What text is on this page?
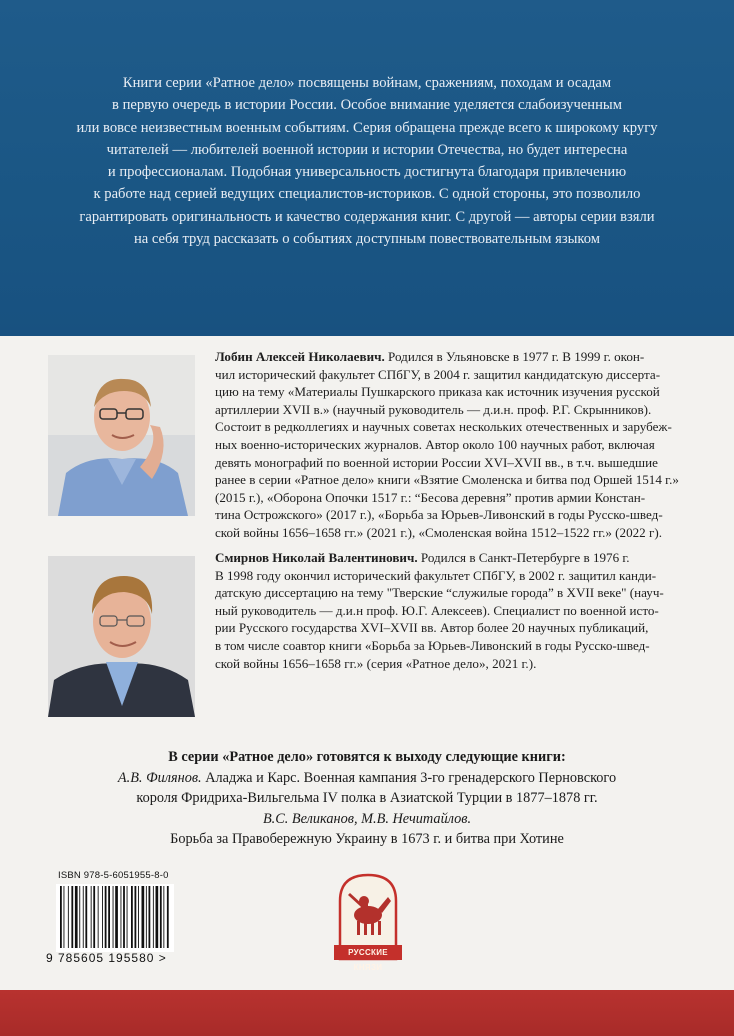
Книги серии «Ратное дело» посвящены войнам, сражениям, походам и осадам
в первую очередь в истории России. Особое внимание уделяется слабоизученным
или вовсе неизвестным военным событиям. Серия обращена прежде всего к широкому кругу
читателей — любителей военной истории и истории Отечества, но будет интересна
и профессионалам. Подобная универсальность достигнута благодаря привлечению
к работе над серией ведущих специалистов-историков. С одной стороны, это позволило
гарантировать оригинальность и качество содержания книг. С другой — авторы серии взяли
на себя труд рассказать о событиях доступным повествовательным языком

Лобин Алексей Николаевич. Родился в Ульяновске в 1977 г. В 1999 г. окон-
чил исторический факультет СПбГУ, в 2004 г. защитил кандидатскую диссерта-
цию на тему «Материалы Пушкарского приказа как источник изучения русской
артиллерии XVII в.» (научный руководитель — д.и.н. проф. Р.Г. Скрынников).
Состоит в редколлегиях и научных советах нескольких отечественных и зарубеж-
ных военно-исторических журналов. Автор около 100 научных работ, включая
девять монографий по военной истории России XVI–XVII вв., в т.ч. вышедшие
ранее в серии «Ратное дело» книги «Взятие Смоленска и битва под Оршей 1514 г.»
(2015 г.), «Оборона Опочки 1517 г.: “Бесова деревня” против армии Констан-
тина Острожского» (2017 г.), «Борьба за Юрьев-Ливонский в годы Русско-швед-
ской войны 1656–1658 гг.» (2021 г.), «Смоленская война 1512–1522 гг.» (2022 г).

Смирнов Николай Валентинович. Родился в Санкт-Петербурге в 1976 г.
В 1998 году окончил исторический факультет СПбГУ, в 2002 г. защитил канди-
датскую диссертацию на тему "Тверские “служилые города” в XVII веке" (науч-
ный руководитель — д.и.н проф. Ю.Г. Алексеев). Специалист по военной исто-
рии Русского государства XVI–XVII вв. Автор более 20 научных публикаций,
в том числе соавтор книги «Борьба за Юрьев-Ливонский в годы Русско-швед-
ской войны 1656–1658 гг.» (серия «Ратное дело», 2021 г.).

В серии «Ратное дело» готовятся к выходу следующие книги:
А.В. Филянов. Аладжа и Карс. Военная кампания 3-го гренадерского Перновского
короля Фридриха-Вильгельма IV полка в Азиатской Турции в 1877–1878 гг.
В.С. Великанов, М.В. Нечитайлов.
Борьба за Правобережную Украину в 1673 г. и битва при Хотине
ISBN 978-5-6051955-8-0
9 785605 195580 >	РУССКИЕ КНЯЗИ
